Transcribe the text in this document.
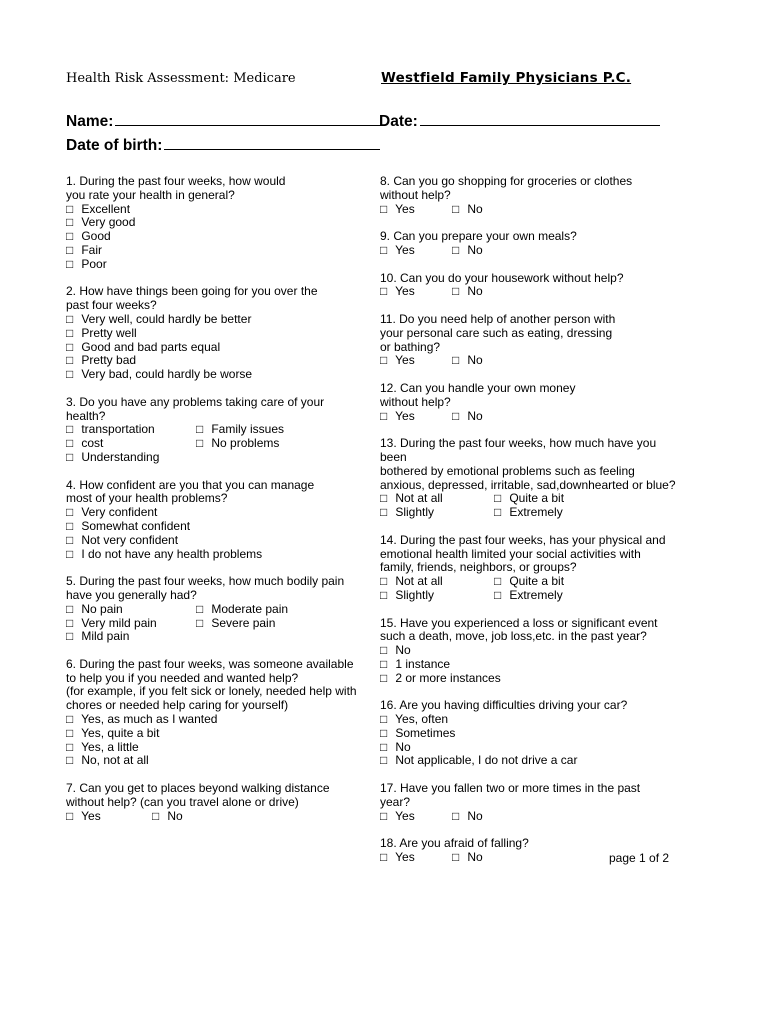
Health Risk Assessment: Medicare	Westfield Family Physicians P.C.
Name:	Date:
Date of birth:
1. During the past four weeks, how would
you rate your health in general?
□ Excellent
□ Very good
□ Good
□ Fair
□ Poor
2. How have things been going for you over the
past four weeks?
□ Very well, could hardly be better
□ Pretty well
□ Good and bad parts equal
□ Pretty bad
□ Very bad, could hardly be worse
3. Do you have any problems taking care of your
health?
□ transportation	□ Family issues
□ cost	□ No problems
□ Understanding
4. How confident are you that you can manage
most of your health problems?
□ Very confident
□ Somewhat confident
□ Not very confident
□ I do not have any health problems
5. During the past four weeks, how much bodily pain
have you generally had?
□ No pain	□ Moderate pain
□ Very mild pain	□ Severe pain
□ Mild pain
6. During the past four weeks, was someone available
to help you if you needed and wanted help?
(for example, if you felt sick or lonely, needed help with
chores or needed help caring for yourself)
□ Yes, as much as I wanted
□ Yes, quite a bit
□ Yes, a little
□ No, not at all
7. Can you get to places beyond walking distance
without help? (can you travel alone or drive)
□ Yes	□ No
8. Can you go shopping for groceries or clothes
without help?
□ Yes	□ No
9. Can you prepare your own meals?
□ Yes	□ No
10. Can you do your housework without help?
□ Yes	□ No
11. Do you need help of another person with
your personal care such as eating, dressing
or bathing?
□ Yes	□ No
12. Can you handle your own money
without help?
□ Yes	□ No
13. During the past four weeks, how much have you been
bothered by emotional problems such as feeling
anxious, depressed, irritable, sad,downhearted or blue?
□ Not at all	□ Quite a bit
□ Slightly	□ Extremely
14. During the past four weeks, has your physical and
emotional health limited your social activities with
family, friends, neighbors, or groups?
□ Not at all	□ Quite a bit
□ Slightly	□ Extremely
15. Have you experienced a loss or significant event
such a death, move, job loss,etc. in the past year?
□ No
□ 1 instance
□ 2 or more instances
16. Are you having difficulties driving your car?
□ Yes, often
□ Sometimes
□ No
□ Not applicable, I do not drive a car
17. Have you fallen two or more times in the past
year?
□ Yes	□ No
18. Are you afraid of falling?
□ Yes	□ No	page 1 of 2
